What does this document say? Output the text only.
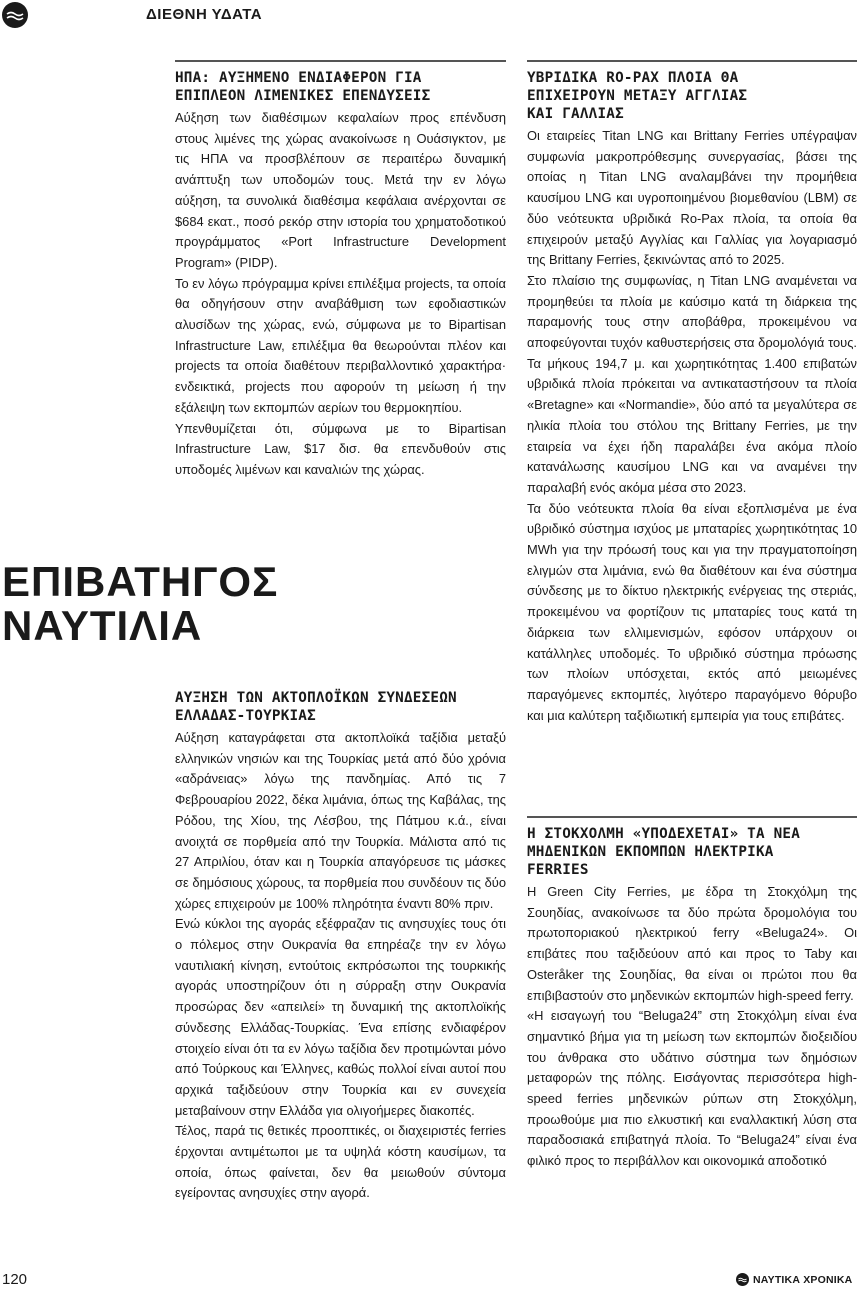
ΔΙΕΘΝΗ ΥΔΑΤΑ
ΕΠΙΒΑΤΗΓΟΣ
ΝΑΥΤΙΛΙΑ
ΗΠΑ: ΑΥΞΗΜΕΝΟ ΕΝΔΙΑΦΕΡΟΝ ΓΙΑ
ΕΠΙΠΛΕΟΝ ΛΙΜΕΝΙΚΕΣ ΕΠΕΝΔΥΣΕΙΣ

Αύξηση των διαθέσιμων κεφαλαίων προς επένδυση στους λιμένες της χώρας ανακοίνωσε η Ουάσιγκτον, με τις ΗΠΑ να προσβλέπουν σε περαιτέρω δυναμική ανάπτυξη των υποδομών τους. Μετά την εν λόγω αύξηση, τα συνολικά διαθέσιμα κεφάλαια ανέρχονται σε $684 εκατ., ποσό ρεκόρ στην ιστορία του χρηματοδοτικού προγράμματος «Port Infrastructure Development Program» (PIDP).

Το εν λόγω πρόγραμμα κρίνει επιλέξιμα projects, τα οποία θα οδηγήσουν στην αναβάθμιση των εφοδιαστικών αλυσίδων της χώρας, ενώ, σύμφωνα με το Bipartisan Infrastructure Law, επιλέξιμα θα θεωρούνται πλέον και projects τα οποία διαθέτουν περιβαλλοντικό χαρακτήρα· ενδεικτικά, projects που αφορούν τη μείωση ή την εξάλειψη των εκπομπών αερίων του θερμοκηπίου.

Υπενθυμίζεται ότι, σύμφωνα με το Bipartisan Infrastructure Law, $17 δισ. θα επενδυθούν στις υποδομές λιμένων και καναλιών της χώρας.

ΑΥΞΗΣΗ ΤΩΝ ΑΚΤΟΠΛΟΪΚΩΝ ΣΥΝΔΕΣΕΩΝ
ΕΛΛΑΔΑΣ-ΤΟΥΡΚΙΑΣ

Αύξηση καταγράφεται στα ακτοπλοϊκά ταξίδια μεταξύ ελληνικών νησιών και της Τουρκίας μετά από δύο χρόνια «αδράνειας» λόγω της πανδημίας. Από τις 7 Φεβρουαρίου 2022, δέκα λιμάνια, όπως της Καβάλας, της Ρόδου, της Χίου, της Λέσβου, της Πάτμου κ.ά., είναι ανοιχτά σε πορθμεία από την Τουρκία. Μάλιστα από τις 27 Απριλίου, όταν και η Τουρκία απαγόρευσε τις μάσκες σε δημόσιους χώρους, τα πορθμεία που συνδέουν τις δύο χώρες επιχειρούν με 100% πληρότητα έναντι 80% πριν.

Ενώ κύκλοι της αγοράς εξέφραζαν τις ανησυχίες τους ότι ο πόλεμος στην Ουκρανία θα επηρέαζε την εν λόγω ναυτιλιακή κίνηση, εντούτοις εκπρόσωποι της τουρκικής αγοράς υποστηρίζουν ότι η σύρραξη στην Ουκρανία προσώρας δεν «απειλεί» τη δυναμική της ακτοπλοϊκής σύνδεσης Ελλάδας-Τουρκίας. Ένα επίσης ενδιαφέρον στοιχείο είναι ότι τα εν λόγω ταξίδια δεν προτιμώνται μόνο από Τούρκους και Έλληνες, καθώς πολλοί είναι αυτοί που αρχικά ταξιδεύουν στην Τουρκία και εν συνεχεία μεταβαίνουν στην Ελλάδα για ολιγοήμερες διακοπές.

Τέλος, παρά τις θετικές προοπτικές, οι διαχειριστές ferries έρχονται αντιμέτωποι με τα υψηλά κόστη καυσίμων, τα οποία, όπως φαίνεται, δεν θα μειωθούν σύντομα εγείροντας ανησυχίες στην αγορά.

ΥΒΡΙΔΙΚΑ RO-PAX ΠΛΟΙΑ ΘΑ
ΕΠΙΧΕΙΡΟΥΝ ΜΕΤΑΞΥ ΑΓΓΛΙΑΣ
ΚΑΙ ΓΑΛΛΙΑΣ

Οι εταιρείες Titan LNG και Brittany Ferries υπέγραψαν συμφωνία μακροπρόθεσμης συνεργασίας, βάσει της οποίας η Titan LNG αναλαμβάνει την προμήθεια καυσίμου LNG και υγροποιημένου βιομεθανίου (LBM) σε δύο νεότευκτα υβριδικά Ro-Pax πλοία, τα οποία θα επιχειρούν μεταξύ Αγγλίας και Γαλλίας για λογαριασμό της Brittany Ferries, ξεκινώντας από το 2025.

Στο πλαίσιο της συμφωνίας, η Titan LNG αναμένεται να προμηθεύει τα πλοία με καύσιμο κατά τη διάρκεια της παραμονής τους στην αποβάθρα, προκειμένου να αποφεύγονται τυχόν καθυστερήσεις στα δρομολόγιά τους. Τα μήκους 194,7 μ. και χωρητικότητας 1.400 επιβατών υβριδικά πλοία πρόκειται να αντικαταστήσουν τα πλοία «Bretagne» και «Normandie», δύο από τα μεγαλύτερα σε ηλικία πλοία του στόλου της Brittany Ferries, με την εταιρεία να έχει ήδη παραλάβει ένα ακόμα πλοίο κατανάλωσης καυσίμου LNG και να αναμένει την παραλαβή ενός ακόμα μέσα στο 2023.

Τα δύο νεότευκτα πλοία θα είναι εξοπλισμένα με ένα υβριδικό σύστημα ισχύος με μπαταρίες χωρητικότητας 10 MWh για την πρόωσή τους και για την πραγματοποίηση ελιγμών στα λιμάνια, ενώ θα διαθέτουν και ένα σύστημα σύνδεσης με το δίκτυο ηλεκτρικής ενέργειας της στεριάς, προκειμένου να φορτίζουν τις μπαταρίες τους κατά τη διάρκεια των ελλιμενισμών, εφόσον υπάρχουν οι κατάλληλες υποδομές. Το υβριδικό σύστημα πρόωσης των πλοίων υπόσχεται, εκτός από μειωμένες παραγόμενες εκπομπές, λιγότερο παραγόμενο θόρυβο και μια καλύτερη ταξιδιωτική εμπειρία για τους επιβάτες.

Η ΣΤΟΚΧΟΛΜΗ «ΥΠΟΔΕΧΕΤΑΙ» ΤΑ ΝΕΑ
ΜΗΔΕΝΙΚΩΝ ΕΚΠΟΜΠΩΝ ΗΛΕΚΤΡΙΚΑ
FERRIES

Η Green City Ferries, με έδρα τη Στοκχόλμη της Σουηδίας, ανακοίνωσε τα δύο πρώτα δρομολόγια του πρωτοποριακού ηλεκτρικού ferry «Beluga24». Οι επιβάτες που ταξιδεύουν από και προς το Taby και Osteråker της Σουηδίας, θα είναι οι πρώτοι που θα επιβιβαστούν στο μηδενικών εκπομπών high-speed ferry.

«Η εισαγωγή του “Beluga24” στη Στοκχόλμη είναι ένα σημαντικό βήμα για τη μείωση των εκπομπών διοξειδίου του άνθρακα στο υδάτινο σύστημα των δημόσιων μεταφορών της πόλης. Εισάγοντας περισσότερα high-speed ferries μηδενικών ρύπων στη Στοκχόλμη, προωθούμε μια πιο ελκυστική και εναλλακτική λύση στα παραδοσιακά επιβατηγά πλοία. Το “Beluga24” είναι ένα φιλικό προς το περιβάλλον και οικονομικά αποδοτικό

120	ΝΑΥΤΙΚΑ ΧΡΟΝΙΚΑ
